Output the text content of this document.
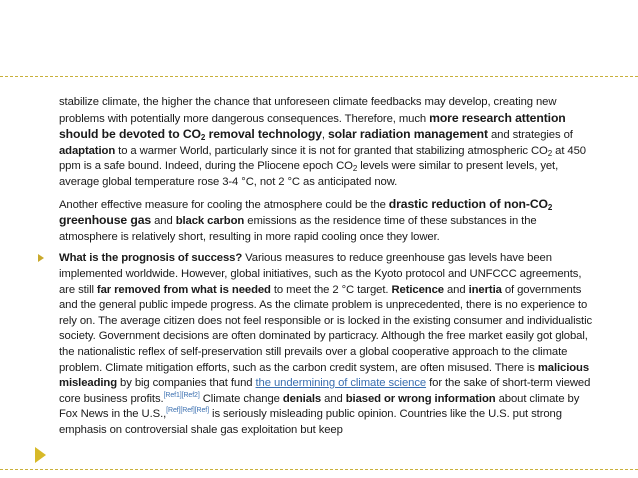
stabilize climate, the higher the chance that unforeseen climate feedbacks may develop, creating new problems with potentially more dangerous consequences. Therefore, much more research attention should be devoted to $CO_2$ removal technology, solar radiation management and strategies of adaptation to a warmer World, particularly since it is not for granted that stabilizing atmospheric $CO_2$ at 450 ppm is a safe bound. Indeed, during the Pliocene epoch $CO_2$ levels were similar to present levels, yet, average global temperature rose 3-4 °C, not 2 °C as anticipated now.

Another effective measure for cooling the atmosphere could be the drastic reduction of non-$CO_2$ greenhouse gas and black carbon emissions as the residence time of these substances in the atmosphere is relatively short, resulting in more rapid cooling once they lower.

What is the prognosis of success? Various measures to reduce greenhouse gas levels have been implemented worldwide. However, global initiatives, such as the Kyoto protocol and UNFCCC agreements, are still far removed from what is needed to meet the 2 °C target. Reticence and inertia of governments and the general public impede progress. As the climate problem is unprecedented, there is no experience to rely on. The average citizen does not feel responsible or is locked in the existing consumer and individualistic society. Government decisions are often dominated by particracy. Although the free market easily got global, the nationalistic reflex of self-preservation still prevails over a global cooperative approach to the climate problem. Climate mitigation efforts, such as the carbon credit system, are often misused. There is malicious misleading by big companies that fund the undermining of climate science for the sake of short-term viewed core business profits.[Ref1][Ref2] Climate change denials and biased or wrong information about climate by Fox News in the U.S.,[Ref][Ref][Ref] is seriously misleading public opinion. Countries like the U.S. put strong emphasis on controversial shale gas exploitation but keep
